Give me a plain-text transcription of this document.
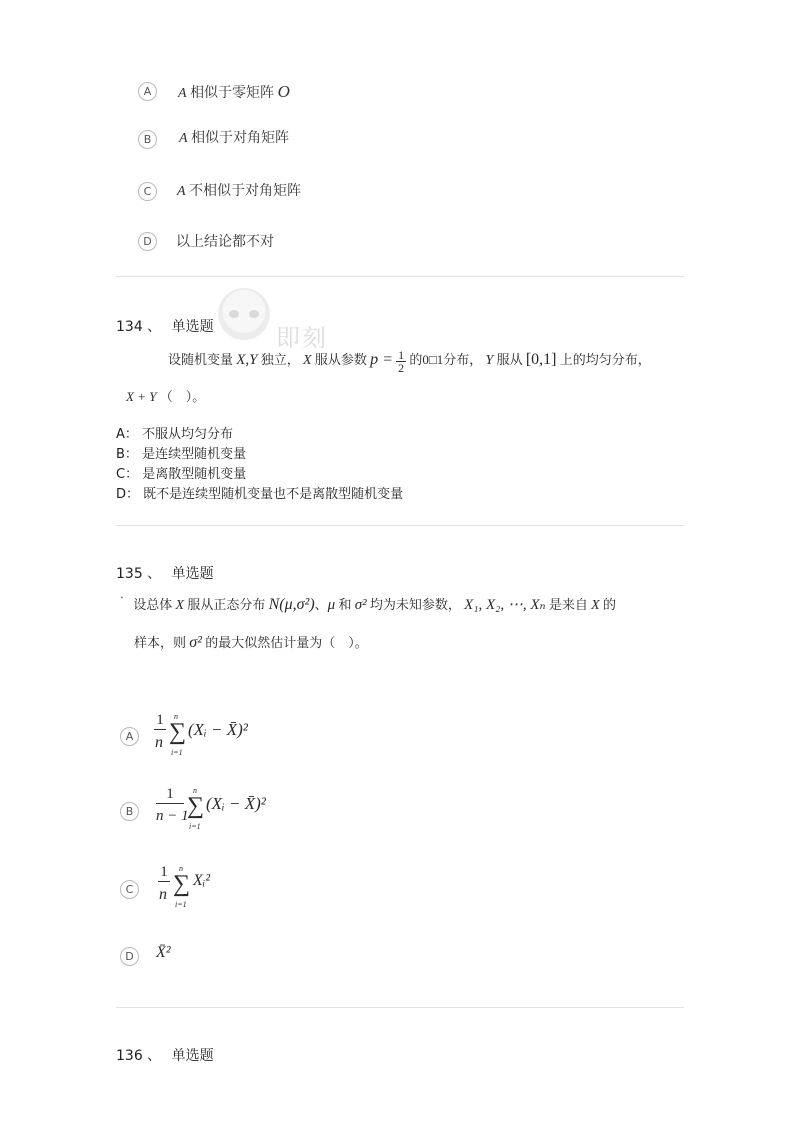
A	A 相似于零矩阵 O
B	A 相似于对角矩阵
C	A 不相似于对角矩阵
D	以上结论都不对
即刻
134 、 单选题
设随机变量 X,Y 独立， X 服从参数 $p = \frac{1}{2}$ 的0□1分布， Y 服从 [0,1] 上的均匀分布，
X + Y （　）。
A： 不服从均匀分布
B： 是连续型随机变量
C： 是离散型随机变量
D： 既不是连续型随机变量也不是离散型随机变量
135 、 单选题
` 设总体 X 服从正态分布 N(μ,σ²)、μ 和 σ² 均为未知参数， X₁, X₂, ⋯, Xₙ 是来自 X 的
样本，则 σ² 的最大似然估计量为（　）。
A
1
n
n
∑
i=1
(Xᵢ − X̄)²
B
1
n − 1
n
∑
i=1
(Xᵢ − X̄)²
C
1
n
n
∑
i=1
Xᵢ²
D	X̄²
136 、 单选题
